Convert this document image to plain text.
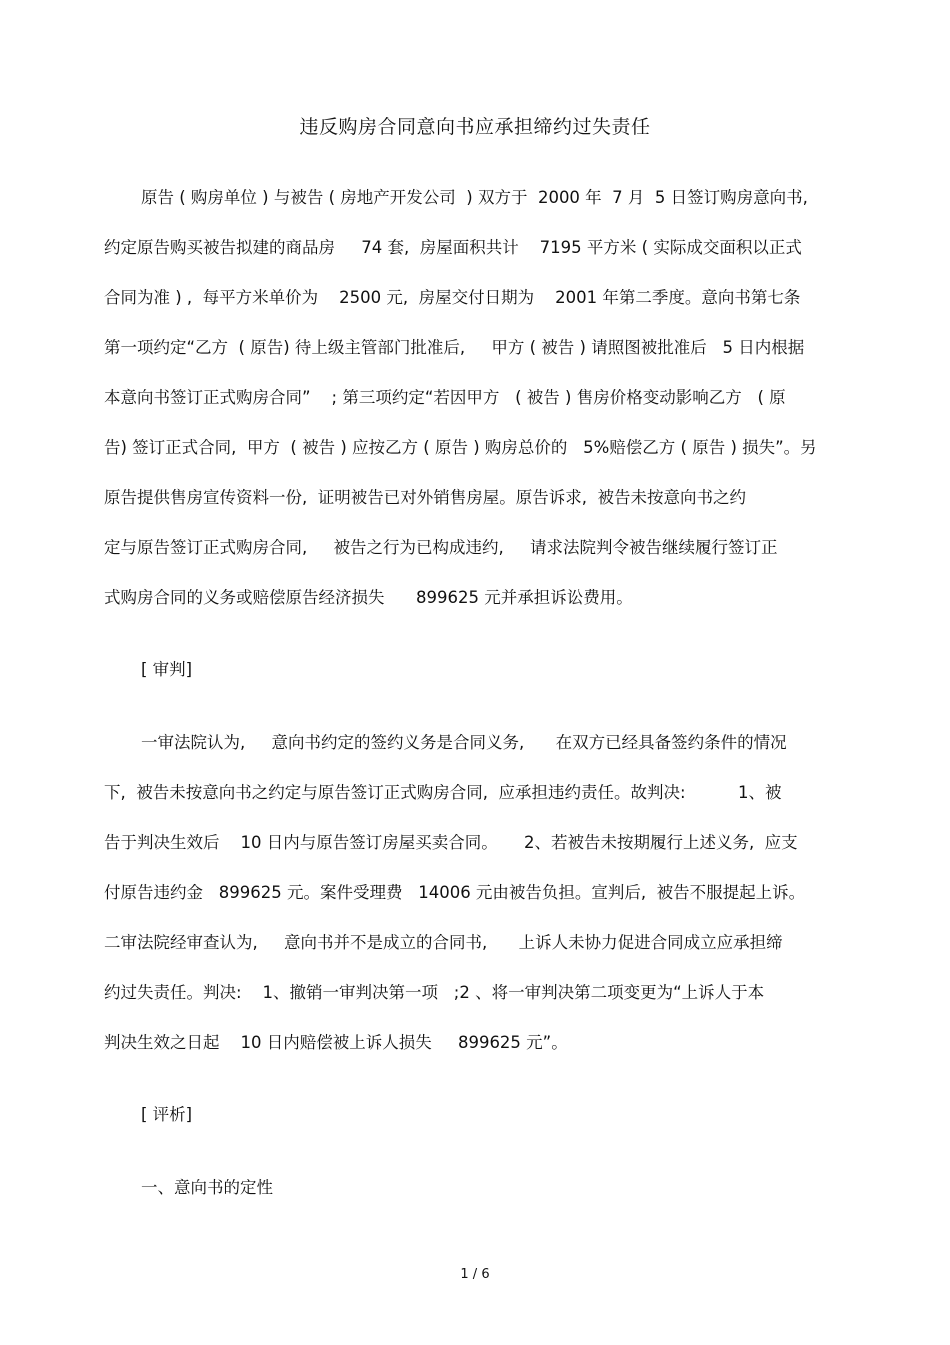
违反购房合同意向书应承担缔约过失责任
原告 ( 购房单位 ) 与被告 ( 房地产开发公司  ) 双方于  2000 年  7 月  5 日签订购房意向书,
约定原告购买被告拟建的商品房     74 套,  房屋面积共计    7195 平方米 ( 实际成交面积以正式
合同为准 ) ,  每平方米单价为    2500 元,  房屋交付日期为    2001 年第二季度。意向书第七条
第一项约定“乙方  ( 原告) 待上级主管部门批准后,     甲方 ( 被告 ) 请照图被批准后   5 日内根据
本意向书签订正式购房合同”    ; 第三项约定“若因甲方   ( 被告 ) 售房价格变动影响乙方   ( 原
告) 签订正式合同,  甲方  ( 被告 ) 应按乙方 ( 原告 ) 购房总价的   5%赔偿乙方 ( 原告 ) 损失”。另
原告提供售房宣传资料一份,  证明被告已对外销售房屋。原告诉求,  被告未按意向书之约
定与原告签订正式购房合同,     被告之行为已构成违约,     请求法院判令被告继续履行签订正
式购房合同的义务或赔偿原告经济损失      899625 元并承担诉讼费用。
[ 审判]
一审法院认为,     意向书约定的签约义务是合同义务,      在双方已经具备签约条件的情况
下,  被告未按意向书之约定与原告签订正式购房合同,  应承担违约责任。故判决:          1、被
告于判决生效后    10 日内与原告签订房屋买卖合同。     2、若被告未按期履行上述义务,  应支
付原告违约金   899625 元。案件受理费   14006 元由被告负担。宣判后,  被告不服提起上诉。
二审法院经审查认为,     意向书并不是成立的合同书,      上诉人未协力促进合同成立应承担缔
约过失责任。判决:    1、撤销一审判决第一项   ;2 、将一审判决第二项变更为“上诉人于本
判决生效之日起    10 日内赔偿被上诉人损失     899625 元”。
[ 评析]
一、意向书的定性
1 / 6
